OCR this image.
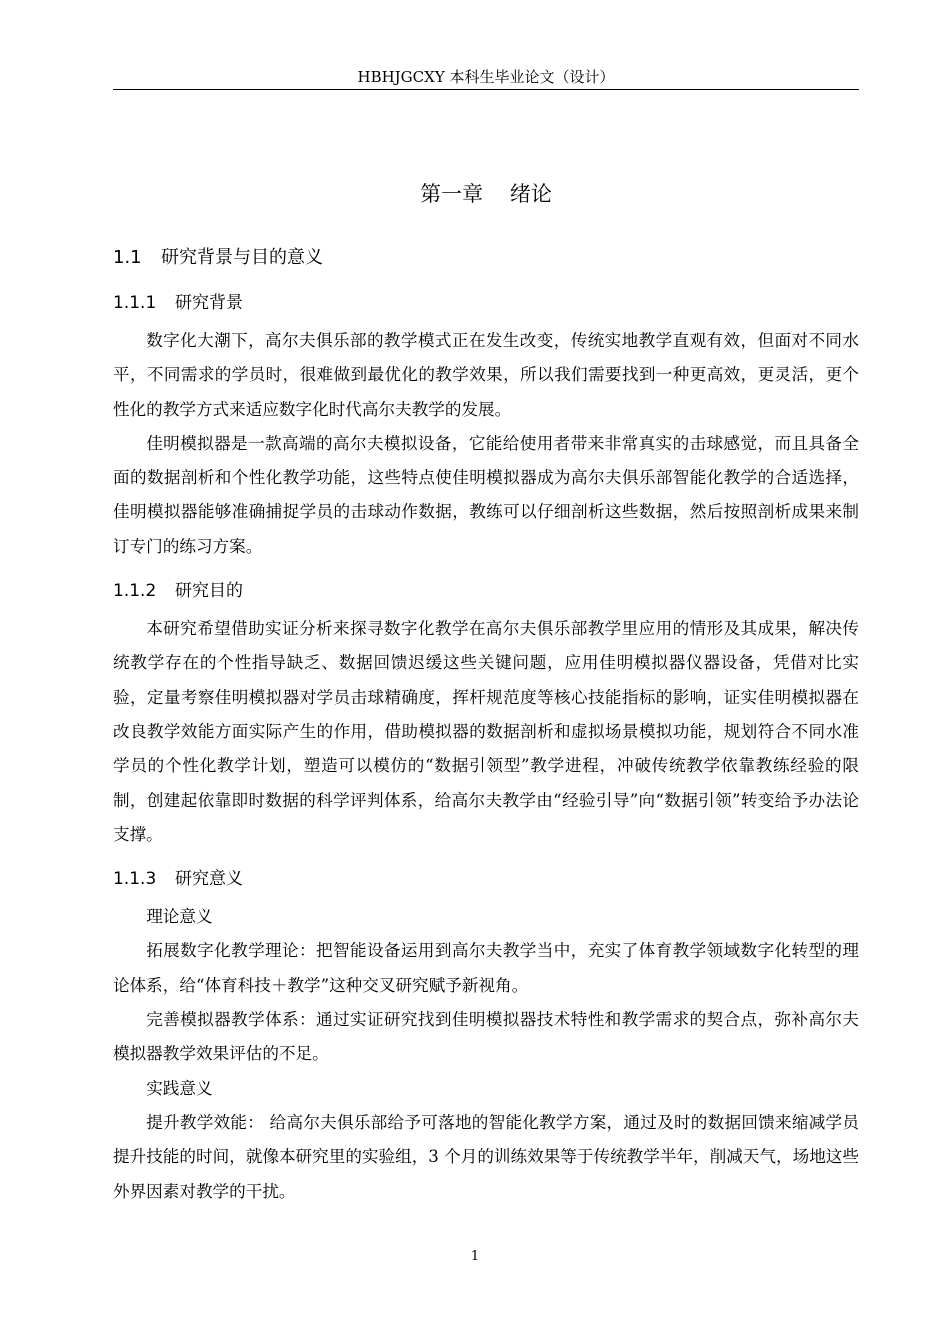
HBHJGCXY 本科生毕业论文（设计）
第一章    绪论
1.1 研究背景与目的意义
1.1.1 研究背景

数字化大潮下，高尔夫俱乐部的教学模式正在发生改变，传统实地教学直观有效，但面对不同水平，不同需求的学员时，很难做到最优化的教学效果，所以我们需要找到一种更高效，更灵活，更个性化的教学方式来适应数字化时代高尔夫教学的发展。

佳明模拟器是一款高端的高尔夫模拟设备，它能给使用者带来非常真实的击球感觉，而且具备全面的数据剖析和个性化教学功能，这些特点使佳明模拟器成为高尔夫俱乐部智能化教学的合适选择，佳明模拟器能够准确捕捉学员的击球动作数据，教练可以仔细剖析这些数据，然后按照剖析成果来制订专门的练习方案。

1.1.2 研究目的

本研究希望借助实证分析来探寻数字化教学在高尔夫俱乐部教学里应用的情形及其成果，解决传统教学存在的个性指导缺乏、数据回馈迟缓这些关键问题，应用佳明模拟器仪器设备，凭借对比实验，定量考察佳明模拟器对学员击球精确度，挥杆规范度等核心技能指标的影响，证实佳明模拟器在改良教学效能方面实际产生的作用，借助模拟器的数据剖析和虚拟场景模拟功能，规划符合不同水准学员的个性化教学计划，塑造可以模仿的“数据引领型”教学进程，冲破传统教学依靠教练经验的限制，创建起依靠即时数据的科学评判体系，给高尔夫教学由“经验引导”向“数据引领”转变给予办法论支撑。

1.1.3 研究意义

理论意义

拓展数字化教学理论：把智能设备运用到高尔夫教学当中，充实了体育教学领域数字化转型的理论体系，给“体育科技＋教学”这种交叉研究赋予新视角。

完善模拟器教学体系：通过实证研究找到佳明模拟器技术特性和教学需求的契合点，弥补高尔夫模拟器教学效果评估的不足。

实践意义

提升教学效能： 给高尔夫俱乐部给予可落地的智能化教学方案，通过及时的数据回馈来缩减学员提升技能的时间，就像本研究里的实验组，3 个月的训练效果等于传统教学半年，削减天气，场地这些外界因素对教学的干扰。

1
